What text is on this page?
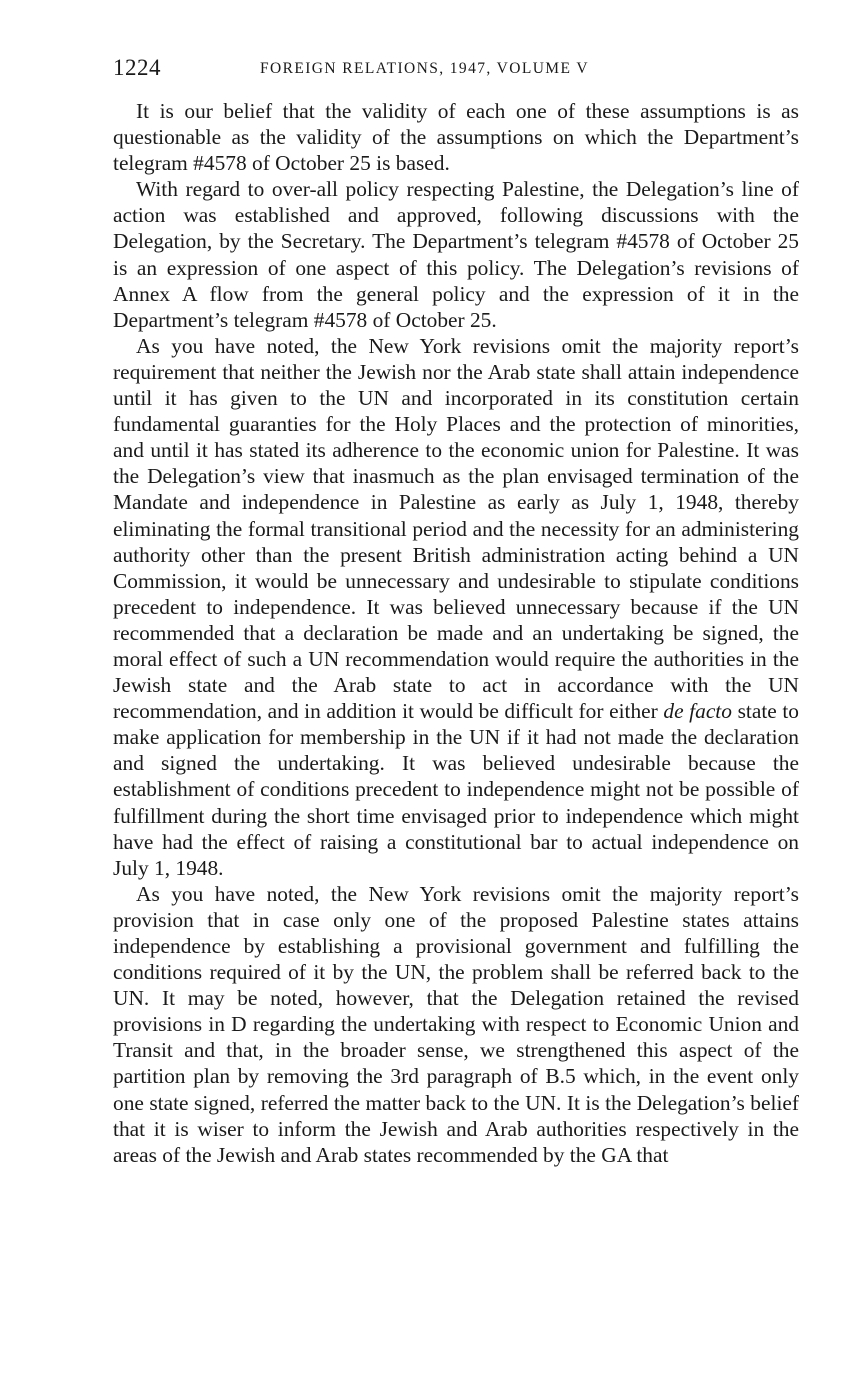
1224	FOREIGN RELATIONS, 1947, VOLUME V

It is our belief that the validity of each one of these assumptions is as questionable as the validity of the assumptions on which the Department’s telegram #4578 of October 25 is based.

With regard to over-all policy respecting Palestine, the Delegation’s line of action was established and approved, following discussions with the Delegation, by the Secretary. The Department’s telegram #4578 of October 25 is an expression of one aspect of this policy. The Delegation’s revisions of Annex A flow from the general policy and the expression of it in the Department’s telegram #4578 of October 25.

As you have noted, the New York revisions omit the majority report’s requirement that neither the Jewish nor the Arab state shall attain independence until it has given to the UN and incorporated in its constitution certain fundamental guaranties for the Holy Places and the protection of minorities, and until it has stated its adherence to the economic union for Palestine. It was the Delegation’s view that inasmuch as the plan envisaged termination of the Mandate and independence in Palestine as early as July 1, 1948, thereby eliminating the formal transitional period and the necessity for an administering authority other than the present British administration acting behind a UN Commission, it would be unnecessary and undesirable to stipulate conditions precedent to independence. It was believed unnecessary because if the UN recommended that a declaration be made and an undertaking be signed, the moral effect of such a UN recommendation would require the authorities in the Jewish state and the Arab state to act in accordance with the UN recommendation, and in addition it would be difficult for either de facto state to make application for membership in the UN if it had not made the declaration and signed the undertaking. It was believed undesirable because the establishment of conditions precedent to independence might not be possible of fulfillment during the short time envisaged prior to independence which might have had the effect of raising a constitutional bar to actual independence on July 1, 1948.

As you have noted, the New York revisions omit the majority report’s provision that in case only one of the proposed Palestine states attains independence by establishing a provisional government and fulfilling the conditions required of it by the UN, the problem shall be referred back to the UN. It may be noted, however, that the Delegation retained the revised provisions in D regarding the undertaking with respect to Economic Union and Transit and that, in the broader sense, we strengthened this aspect of the partition plan by removing the 3rd paragraph of B.5 which, in the event only one state signed, referred the matter back to the UN. It is the Delegation’s belief that it is wiser to inform the Jewish and Arab authorities respectively in the areas of the Jewish and Arab states recommended by the GA that
